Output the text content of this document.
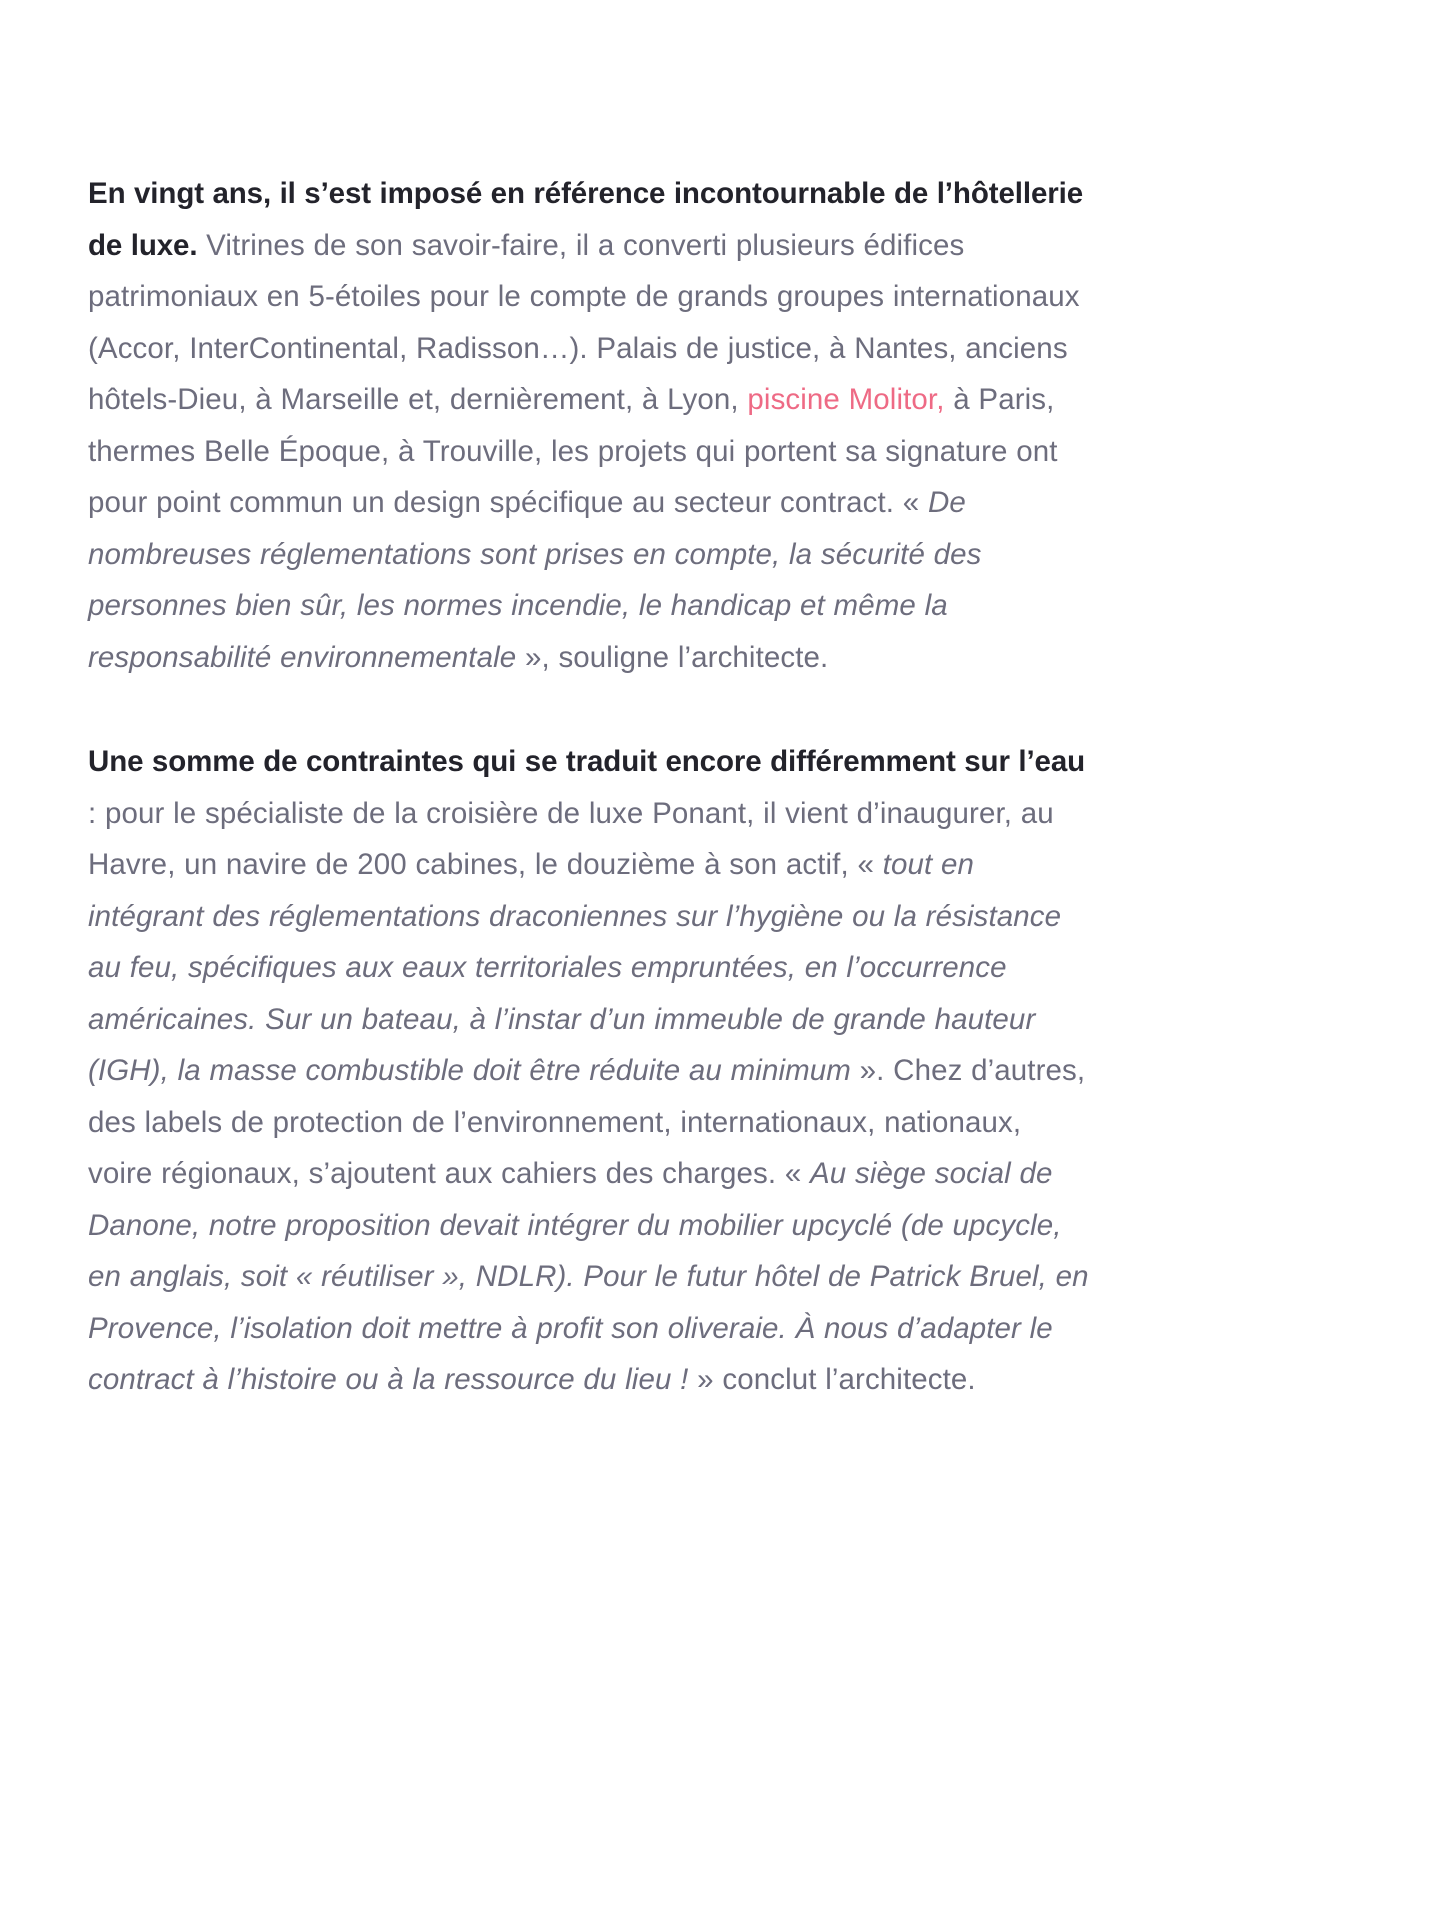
En vingt ans, il s’est imposé en référence incontournable de l’hôtellerie de luxe. Vitrines de son savoir-faire, il a converti plusieurs édifices patrimoniaux en 5-étoiles pour le compte de grands groupes internationaux (Accor, InterContinental, Radisson…). Palais de justice, à Nantes, anciens hôtels-Dieu, à Marseille et, dernièrement, à Lyon, piscine Molitor, à Paris, thermes Belle Époque, à Trouville, les projets qui portent sa signature ont pour point commun un design spécifique au secteur contract. « De nombreuses réglementations sont prises en compte, la sécurité des personnes bien sûr, les normes incendie, le handicap et même la responsabilité environnementale », souligne l’architecte.

Une somme de contraintes qui se traduit encore différemment sur l’eau : pour le spécialiste de la croisière de luxe Ponant, il vient d’inaugurer, au Havre, un navire de 200 cabines, le douzième à son actif, « tout en intégrant des réglementations draconiennes sur l’hygiène ou la résistance au feu, spécifiques aux eaux territoriales empruntées, en l’occurrence américaines. Sur un bateau, à l’instar d’un immeuble de grande hauteur (IGH), la masse combustible doit être réduite au minimum ». Chez d’autres, des labels de protection de l’environnement, internationaux, nationaux, voire régionaux, s’ajoutent aux cahiers des charges. « Au siège social de Danone, notre proposition devait intégrer du mobilier upcyclé (de upcycle, en anglais, soit « réutiliser », NDLR). Pour le futur hôtel de Patrick Bruel, en Provence, l’isolation doit mettre à profit son oliveraie. À nous d’adapter le contract à l’histoire ou à la ressource du lieu ! » conclut l’architecte.
